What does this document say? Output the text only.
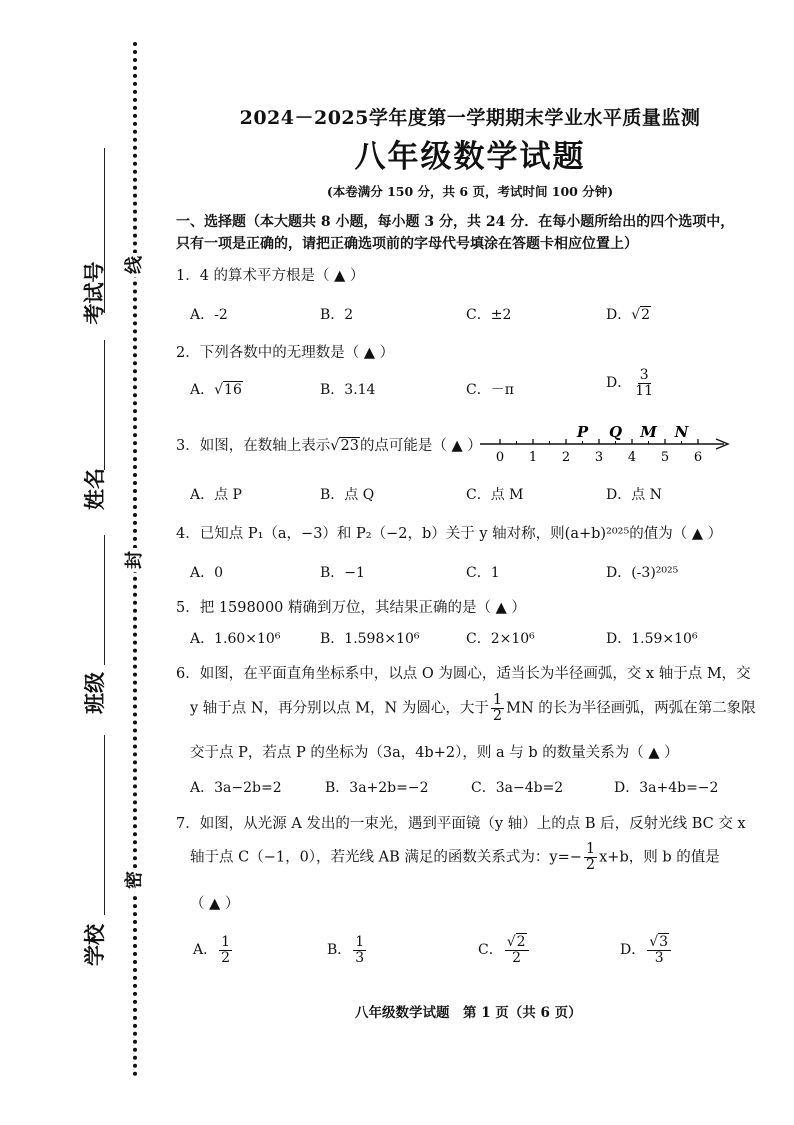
考试号
姓名
班级
学校
线
封
密
2024－2025学年度第一学期期末学业水平质量监测
八年级数学试题
(本卷满分 150 分，共 6 页，考试时间 100 分钟)
一、选择题（本大题共 8 小题，每小题 3 分，共 24 分．在每小题所给出的四个选项中，
只有一项是正确的，请把正确选项前的字母代号填涂在答题卡相应位置上）
1．4 的算术平方根是（ ▲ ）
A．-2	B．2	C．±2	D．√2
2．下列各数中的无理数是（ ▲ ）
A．√16	B．3.14	C．－π	D． $\frac{3}{11}$
3．如图，在数轴上表示√23的点可能是（ ▲ ）
0 1 2 3 4 5 6
P Q M N
A．点 P	B．点 Q	C．点 M	D．点 N
4．已知点 P₁（a，−3）和 P₂（−2，b）关于 y 轴对称，则(a+b)²⁰²⁵的值为（ ▲ ）
A．0	B．−1	C．1	D．(-3)²⁰²⁵
5．把 1598000 精确到万位，其结果正确的是（ ▲ ）
A．1.60×10⁶	B．1.598×10⁶	C．2×10⁶	D．1.59×10⁶
6．如图，在平面直角坐标系中，以点 O 为圆心，适当长为半径画弧，交 x 轴于点 M，交
y 轴于点 N，再分别以点 M，N 为圆心，大于 $\frac{1}{2}$ MN 的长为半径画弧，两弧在第二象限
交于点 P，若点 P 的坐标为（3a，4b+2），则 a 与 b 的数量关系为（ ▲ ）
A．3a−2b=2	B．3a+2b=−2	C．3a−4b=2	D．3a+4b=−2
7．如图，从光源 A 发出的一束光，遇到平面镜（y 轴）上的点 B 后，反射光线 BC 交 x
轴于点 C（−1，0），若光线 AB 满足的函数关系式为：$y=- \frac{1}{2} x+b$，则 b 的值是
（ ▲ ）
A． $\frac{1}{2}$	B． $\frac{1}{3}$	C． $\frac{√2}{2}$	D． $\frac{√3}{3}$
八年级数学试题　第 1 页（共 6 页）
